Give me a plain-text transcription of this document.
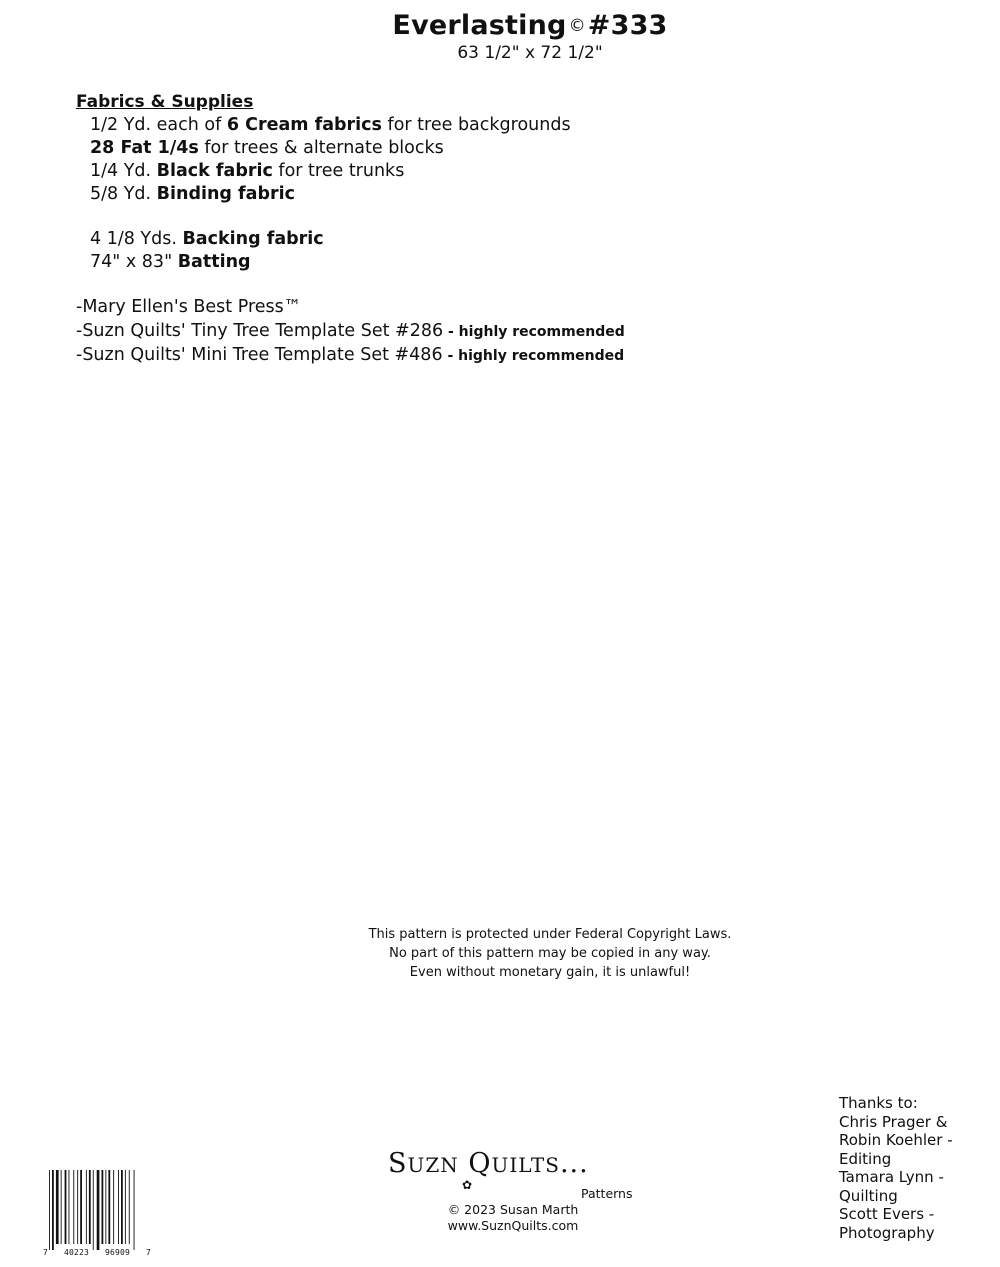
Everlasting ©#333
63 1/2" x 72 1/2"
Fabrics & Supplies
1/2 Yd. each of 6 Cream fabrics for tree backgrounds
28 Fat 1/4s for trees & alternate blocks
1/4 Yd. Black fabric for tree trunks
5/8 Yd. Binding fabric
4 1/8 Yds. Backing fabric
74" x 83" Batting
-Mary Ellen's Best Press™
-Suzn Quilts' Tiny Tree Template Set #286 - highly recommended
-Suzn Quilts' Mini Tree Template Set #486 - highly recommended
This pattern is protected under Federal Copyright Laws.
No part of this pattern may be copied in any way.
Even without monetary gain, it is unlawful!
Thanks to:
Chris Prager &
Robin Koehler -
Editing
Tamara Lynn -
Quilting
Scott Evers -
Photography
SUZN QUILTS...
✿
Patterns
© 2023 Susan Marth
www.SuznQuilts.com
7 40223 96909 7
